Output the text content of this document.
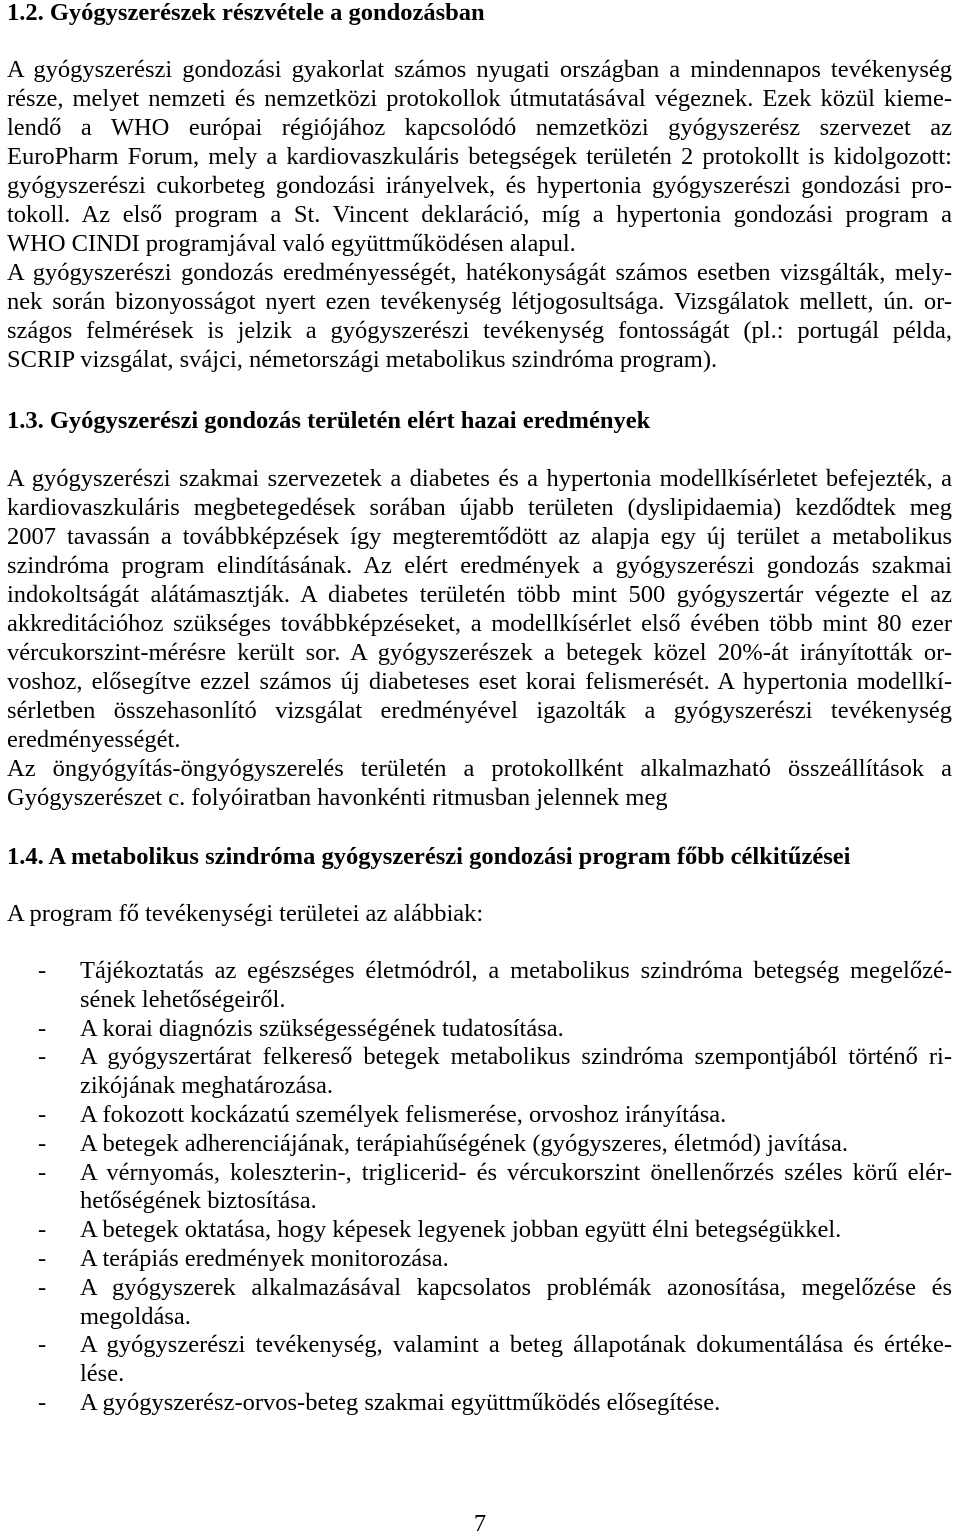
1.2. Gyógyszerészek részvétele a gondozásban
A gyógyszerészi gondozási gyakorlat számos nyugati országban a mindennapos tevékenység
része, melyet nemzeti és nemzetközi protokollok útmutatásával végeznek. Ezek közül kieme-
lendő a WHO európai régiójához kapcsolódó nemzetközi gyógyszerész szervezet az
EuroPharm Forum, mely a kardiovaszkuláris betegségek területén 2 protokollt is kidolgozott:
gyógyszerészi cukorbeteg gondozási irányelvek, és hypertonia gyógyszerészi gondozási pro-
tokoll. Az első program a St. Vincent deklaráció, míg a hypertonia gondozási program a
WHO CINDI programjával való együttműködésen alapul.
A gyógyszerészi gondozás eredményességét, hatékonyságát számos esetben vizsgálták, mely-
nek során bizonyosságot nyert ezen tevékenység létjogosultsága. Vizsgálatok mellett, ún. or-
szágos felmérések is jelzik a gyógyszerészi tevékenység fontosságát (pl.: portugál példa,
SCRIP vizsgálat, svájci, németországi metabolikus szindróma program).
1.3. Gyógyszerészi gondozás területén elért hazai eredmények
A gyógyszerészi szakmai szervezetek a diabetes és a hypertonia modellkísérletet befejezték, a
kardiovaszkuláris megbetegedések sorában újabb területen (dyslipidaemia) kezdődtek meg
2007 tavassán a továbbképzések így megteremtődött az alapja egy új terület a metabolikus
szindróma program elindításának. Az elért eredmények a gyógyszerészi gondozás szakmai
indokoltságát alátámasztják. A diabetes területén több mint 500 gyógyszertár végezte el az
akkreditációhoz szükséges továbbképzéseket, a modellkísérlet első évében több mint 80 ezer
vércukorszint-mérésre került sor. A gyógyszerészek a betegek közel 20%-át irányították or-
voshoz, elősegítve ezzel számos új diabeteses eset korai felismerését. A hypertonia modellkí-
sérletben összehasonlító vizsgálat eredményével igazolták a gyógyszerészi tevékenység
eredményességét.
Az öngyógyítás-öngyógyszerelés területén a protokollként alkalmazható összeállítások a
Gyógyszerészet c. folyóiratban havonkénti ritmusban jelennek meg
1.4. A metabolikus szindróma gyógyszerészi gondozási program főbb célkitűzései
A program fő tevékenységi területei az alábbiak:
- Tájékoztatás az egészséges életmódról, a metabolikus szindróma betegség megelőzé-
sének lehetőségeiről.
- A korai diagnózis szükségességének tudatosítása.
- A gyógyszertárat felkereső betegek metabolikus szindróma szempontjából történő ri-
zikójának meghatározása.
- A fokozott kockázatú személyek felismerése, orvoshoz irányítása.
- A betegek adherenciájának, terápiahűségének (gyógyszeres, életmód) javítása.
- A vérnyomás, koleszterin-, triglicerid- és vércukorszint önellenőrzés széles körű elér-
hetőségének biztosítása.
- A betegek oktatása, hogy képesek legyenek jobban együtt élni betegségükkel.
- A terápiás eredmények monitorozása.
- A gyógyszerek alkalmazásával kapcsolatos problémák azonosítása, megelőzése és
megoldása.
- A gyógyszerészi tevékenység, valamint a beteg állapotának dokumentálása és értéke-
lése.
- A gyógyszerész-orvos-beteg szakmai együttműködés elősegítése.
7
